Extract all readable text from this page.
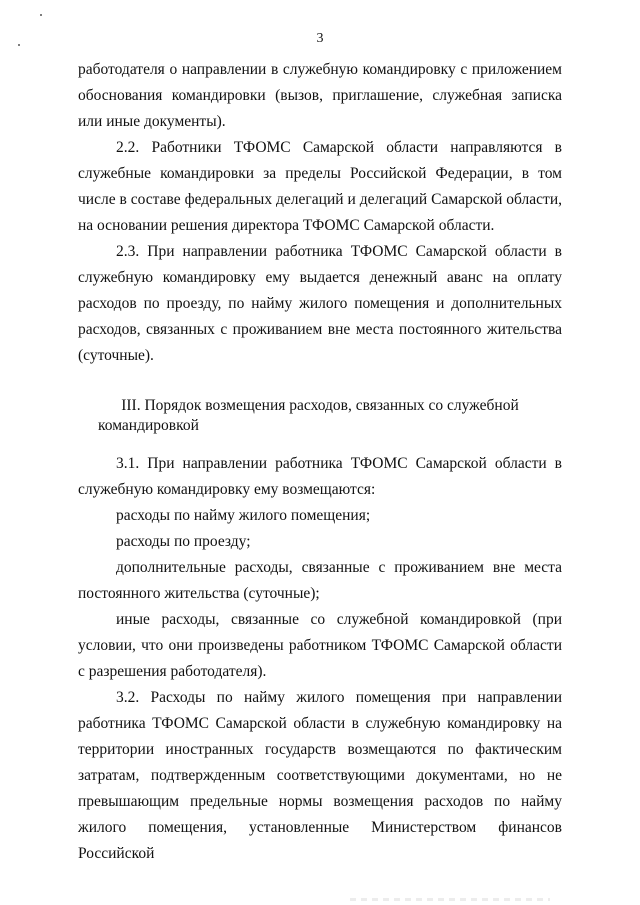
3

работодателя о направлении в служебную командировку с приложением обоснования командировки (вызов, приглашение, служебная записка или иные документы).

2.2. Работники ТФОМС Самарской области направляются в служебные командировки за пределы Российской Федерации, в том числе в составе федеральных делегаций и делегаций Самарской области, на основании решения директора ТФОМС Самарской области.

2.3. При направлении работника ТФОМС Самарской области в служебную командировку ему выдается денежный аванс на оплату расходов по проезду, по найму жилого помещения и дополнительных расходов, связанных с проживанием вне места постоянного жительства (суточные).

III. Порядок возмещения расходов, связанных со служебной командировкой

3.1. При направлении работника ТФОМС Самарской области в служебную командировку ему возмещаются:

расходы по найму жилого помещения;

расходы по проезду;

дополнительные расходы, связанные с проживанием вне места постоянного жительства (суточные);

иные расходы, связанные со служебной командировкой (при условии, что они произведены работником ТФОМС Самарской области с разрешения работодателя).

3.2. Расходы по найму жилого помещения при направлении работника ТФОМС Самарской области в служебную командировку на территории иностранных государств возмещаются по фактическим затратам, подтвержденным соответствующими документами, но не превышающим предельные нормы возмещения расходов по найму жилого помещения, установленные Министерством финансов Российской
